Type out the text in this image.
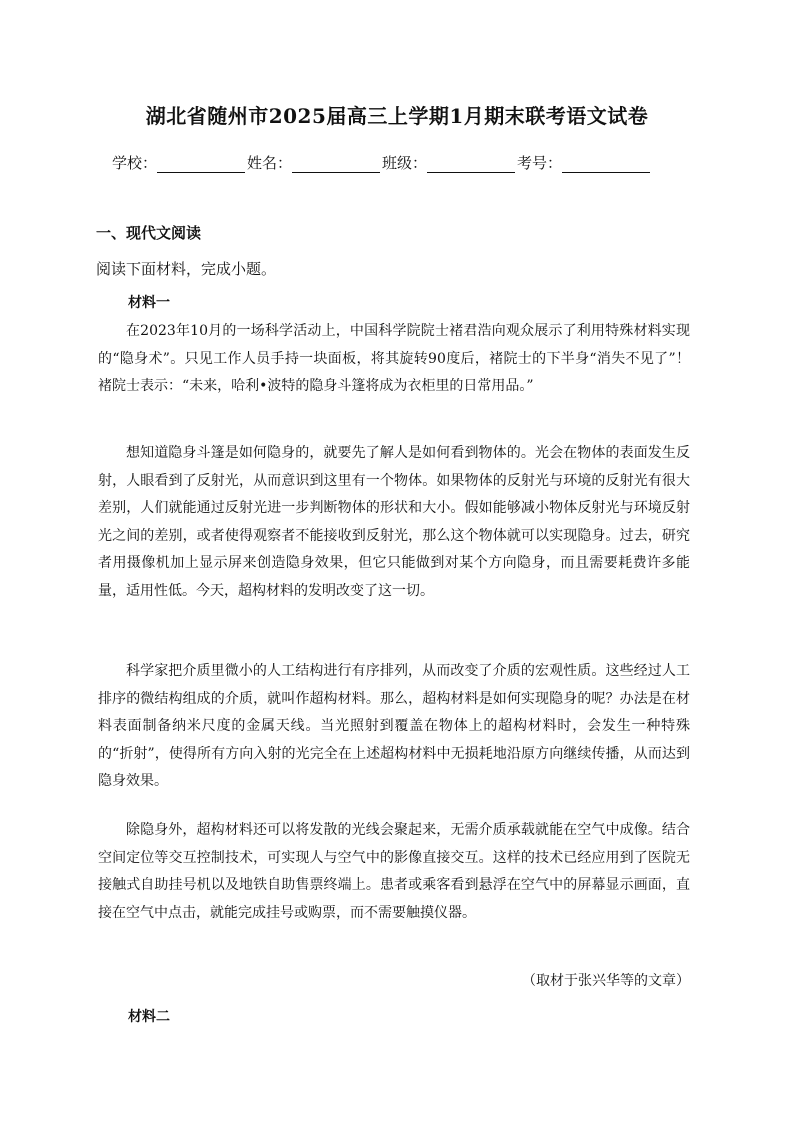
湖北省随州市2025届高三上学期1月期末联考语文试卷
学校：	姓名：	班级：	考号：
一、现代文阅读

阅读下面材料，完成小题。

材料一

在2023年10月的一场科学活动上，中国科学院院士褚君浩向观众展示了利用特殊材料实现的“隐身术”。只见工作人员手持一块面板，将其旋转90度后，褚院士的下半身“消失不见了”！褚院士表示：“未来，哈利•波特的隐身斗篷将成为衣柜里的日常用品。”

想知道隐身斗篷是如何隐身的，就要先了解人是如何看到物体的。光会在物体的表面发生反射，人眼看到了反射光，从而意识到这里有一个物体。如果物体的反射光与环境的反射光有很大差别，人们就能通过反射光进一步判断物体的形状和大小。假如能够减小物体反射光与环境反射光之间的差别，或者使得观察者不能接收到反射光，那么这个物体就可以实现隐身。过去，研究者用摄像机加上显示屏来创造隐身效果，但它只能做到对某个方向隐身，而且需要耗费许多能量，适用性低。今天，超构材料的发明改变了这一切。

科学家把介质里微小的人工结构进行有序排列，从而改变了介质的宏观性质。这些经过人工排序的微结构组成的介质，就叫作超构材料。那么，超构材料是如何实现隐身的呢？办法是在材料表面制备纳米尺度的金属天线。当光照射到覆盖在物体上的超构材料时，会发生一种特殊的“折射”，使得所有方向入射的光完全在上述超构材料中无损耗地沿原方向继续传播，从而达到隐身效果。

除隐身外，超构材料还可以将发散的光线会聚起来，无需介质承载就能在空气中成像。结合空间定位等交互控制技术，可实现人与空气中的影像直接交互。这样的技术已经应用到了医院无接触式自助挂号机以及地铁自助售票终端上。患者或乘客看到悬浮在空气中的屏幕显示画面，直接在空气中点击，就能完成挂号或购票，而不需要触摸仪器。

（取材于张兴华等的文章）

材料二
